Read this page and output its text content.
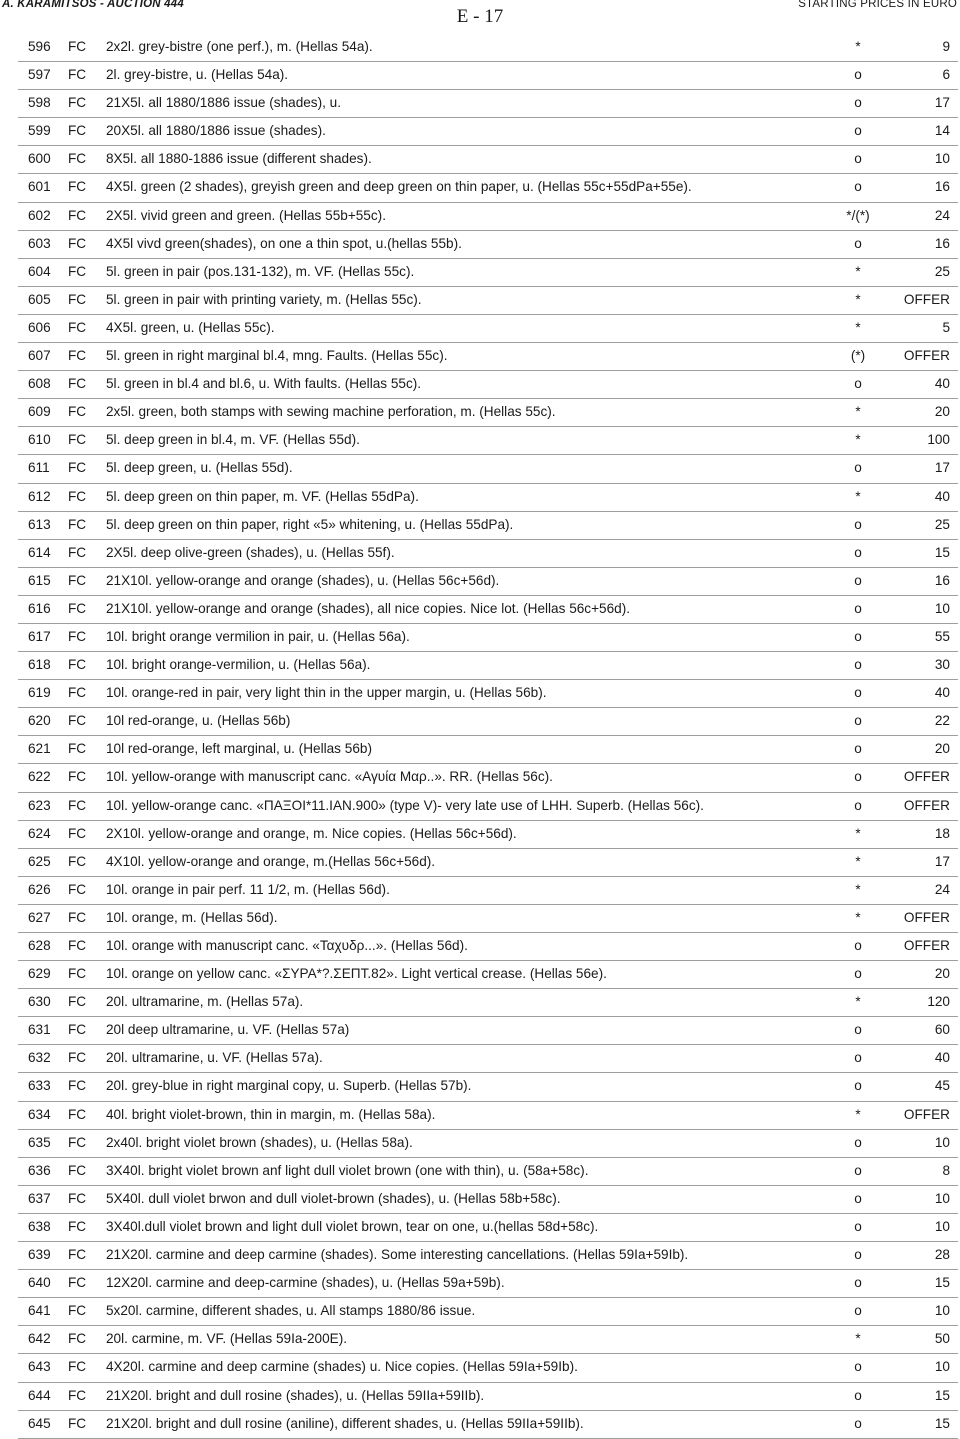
A. KARAMITSOS - AUCTION 444
E - 17
STARTING PRICES IN EURO
596 FC 2x2l. grey-bistre (one perf.), m. (Hellas 54a).	*	9
597 FC 2l. grey-bistre, u. (Hellas 54a).	o	6
598 FC 21X5l. all 1880/1886 issue (shades), u.	o	17
599 FC 20X5l. all 1880/1886 issue (shades).	o	14
600 FC 8X5l. all 1880-1886 issue (different shades).	o	10
601 FC 4X5l. green (2 shades), greyish green and deep green on thin paper, u. (Hellas 55c+55dPa+55e).	o	16
602 FC 2X5l. vivid green and green. (Hellas 55b+55c).	*/(*)	24
603 FC 4X5l vivd green(shades), on one a thin spot, u.(hellas 55b).	o	16
604 FC 5l. green in pair (pos.131-132), m. VF. (Hellas 55c).	*	25
605 FC 5l. green in pair with printing variety, m. (Hellas 55c).	*	OFFER
606 FC 4X5l. green, u. (Hellas 55c).	*	5
607 FC 5l. green in right marginal bl.4, mng. Faults. (Hellas 55c).	(*)	OFFER
608 FC 5l. green in bl.4 and bl.6, u. With faults. (Hellas 55c).	o	40
609 FC 2x5l. green, both stamps with sewing machine perforation, m. (Hellas 55c).	*	20
610 FC 5l. deep green in bl.4, m. VF. (Hellas 55d).	*	100
611 FC 5l. deep green, u. (Hellas 55d).	o	17
612 FC 5l. deep green on thin paper, m. VF. (Hellas 55dPa).	*	40
613 FC 5l. deep green on thin paper, right «5» whitening, u. (Hellas 55dPa).	o	25
614 FC 2X5l. deep olive-green (shades), u. (Hellas 55f).	o	15
615 FC 21X10l. yellow-orange and orange (shades), u. (Hellas 56c+56d).	o	16
616 FC 21X10l. yellow-orange and orange (shades), all nice copies. Nice lot. (Hellas 56c+56d).	o	10
617 FC 10l. bright orange vermilion in pair, u. (Hellas 56a).	o	55
618 FC 10l. bright orange-vermilion, u. (Hellas 56a).	o	30
619 FC 10l. orange-red in pair, very light thin in the upper margin, u. (Hellas 56b).	o	40
620 FC 10l red-orange, u. (Hellas 56b)	o	22
621 FC 10l red-orange, left marginal, u. (Hellas 56b)	o	20
622 FC 10l. yellow-orange with manuscript canc. «Αγυία Μαρ..». RR. (Hellas 56c).	o	OFFER
623 FC 10l. yellow-orange canc. «ΠΑΞΟΙ*11.ΙΑΝ.900» (type V)- very late use of LHH. Superb. (Hellas 56c).	o	OFFER
624 FC 2X10l. yellow-orange and orange, m. Nice copies. (Hellas 56c+56d).	*	18
625 FC 4X10l. yellow-orange and orange, m.(Hellas 56c+56d).	*	17
626 FC 10l. orange in pair perf. 11 1/2, m. (Hellas 56d).	*	24
627 FC 10l. orange, m. (Hellas 56d).	*	OFFER
628 FC 10l. orange with manuscript canc. «Ταχυδρ...». (Hellas 56d).	o	OFFER
629 FC 10l. orange on yellow canc. «ΣΥΡΑ*?.ΣΕΠΤ.82». Light vertical crease. (Hellas 56e).	o	20
630 FC 20l. ultramarine, m. (Hellas 57a).	*	120
631 FC 20l deep ultramarine, u. VF. (Hellas 57a)	o	60
632 FC 20l. ultramarine, u. VF. (Hellas 57a).	o	40
633 FC 20l. grey-blue in right marginal copy, u. Superb. (Hellas 57b).	o	45
634 FC 40l. bright violet-brown, thin in margin, m. (Hellas 58a).	*	OFFER
635 FC 2x40l. bright violet brown (shades), u. (Hellas 58a).	o	10
636 FC 3X40l. bright violet brown anf light dull violet brown (one with thin), u. (58a+58c).	o	8
637 FC 5X40l. dull violet brwon and dull violet-brown (shades), u. (Hellas 58b+58c).	o	10
638 FC 3X40l.dull violet brown and light dull violet brown, tear on one, u.(hellas 58d+58c).	o	10
639 FC 21X20l. carmine and deep carmine (shades). Some interesting cancellations. (Hellas 59Ia+59Ib).	o	28
640 FC 12X20l. carmine and deep-carmine (shades), u. (Hellas 59a+59b).	o	15
641 FC 5x20l. carmine, different shades, u. All stamps 1880/86 issue.	o	10
642 FC 20l. carmine, m. VF. (Hellas 59Ia-200E).	*	50
643 FC 4X20l. carmine and deep carmine (shades) u. Nice copies. (Hellas 59Ia+59Ib).	o	10
644 FC 21X20l. bright and dull rosine (shades), u. (Hellas 59IIa+59IIb).	o	15
645 FC 21X20l. bright and dull rosine (aniline), different shades, u. (Hellas 59IIa+59IIb).	o	15
